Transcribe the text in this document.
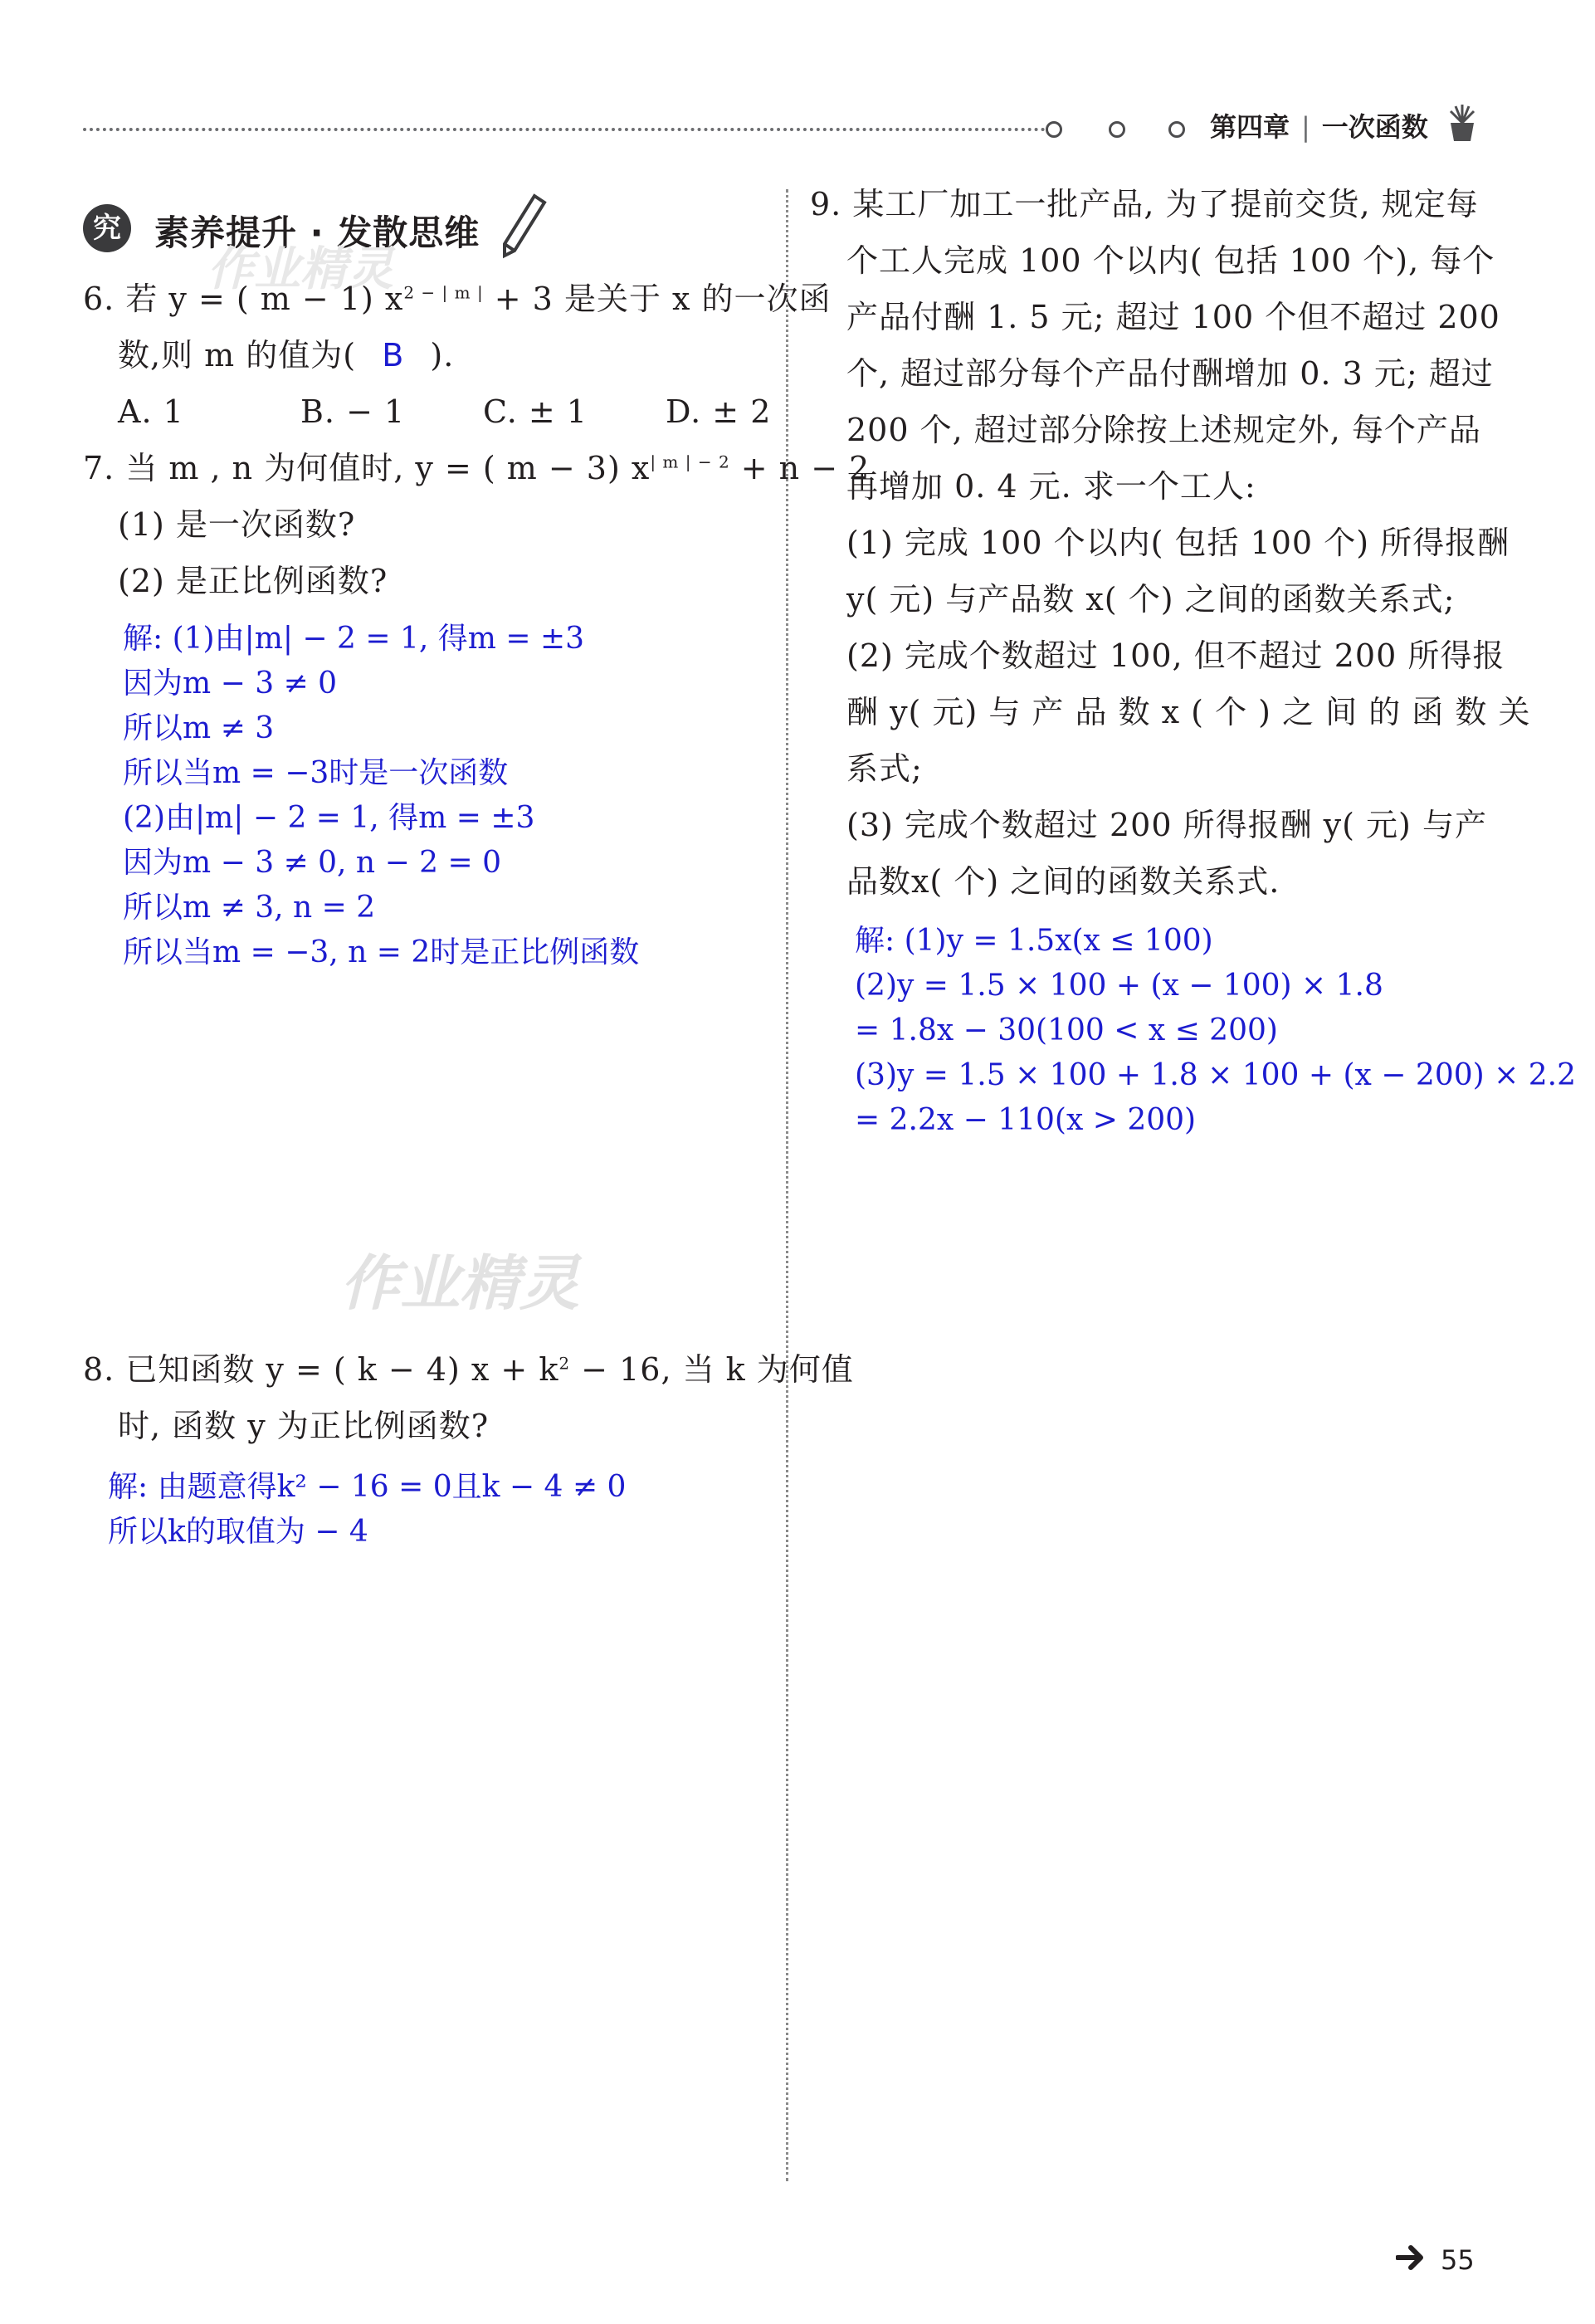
第四章 | 一次函数
究 素养提升 · 发散思维
作业精灵
作业精灵
6. 若 y = ( m − 1) $x^{2 - | m |} + 3$ 是关于 x 的一次函
数,则 m 的值为( B ).
A. 1	B. − 1 C. ± 1 D. ± 2
7. 当 m , n 为何值时, y = ( m − 3) $x^{| m | - 2} + n - 2$
(1) 是一次函数?
(2) 是正比例函数?
解: (1)由|m| − 2 = 1, 得m = ±3
因为m − 3 ≠ 0
所以m ≠ 3
所以当m = −3时是一次函数
(2)由|m| − 2 = 1, 得m = ±3
因为m − 3 ≠ 0, n − 2 = 0
所以m ≠ 3, n = 2
所以当m = −3, n = 2时是正比例函数
8. 已知函数 y = ( k − 4) $x + k^2 - 16$, 当 k 为何值
时, 函数 y 为正比例函数?
解: 由题意得k² − 16 = 0且k − 4 ≠ 0
所以k的取值为 − 4
9. 某工厂加工一批产品, 为了提前交货, 规定每
个工人完成 100 个以内( 包括 100 个), 每个
产品付酬 1. 5 元; 超过 100 个但不超过 200
个, 超过部分每个产品付酬增加 0. 3 元; 超过
200 个, 超过部分除按上述规定外, 每个产品
再增加 0. 4 元. 求一个工人:
(1) 完成 100 个以内( 包括 100 个) 所得报酬
y( 元) 与产品数 x( 个) 之间的函数关系式;
(2) 完成个数超过 100, 但不超过 200 所得报
酬 y( 元) 与 产 品 数 x ( 个 ) 之 间 的 函 数 关
系式;
(3) 完成个数超过 200 所得报酬 y( 元) 与产
品数x( 个) 之间的函数关系式.
解: (1)y = 1.5x(x ≤ 100)
(2)y = 1.5 × 100 + (x − 100) × 1.8
= 1.8x − 30(100 < x ≤ 200)
(3)y = 1.5 × 100 + 1.8 × 100 + (x − 200) × 2.2
= 2.2x − 110(x > 200)
55
